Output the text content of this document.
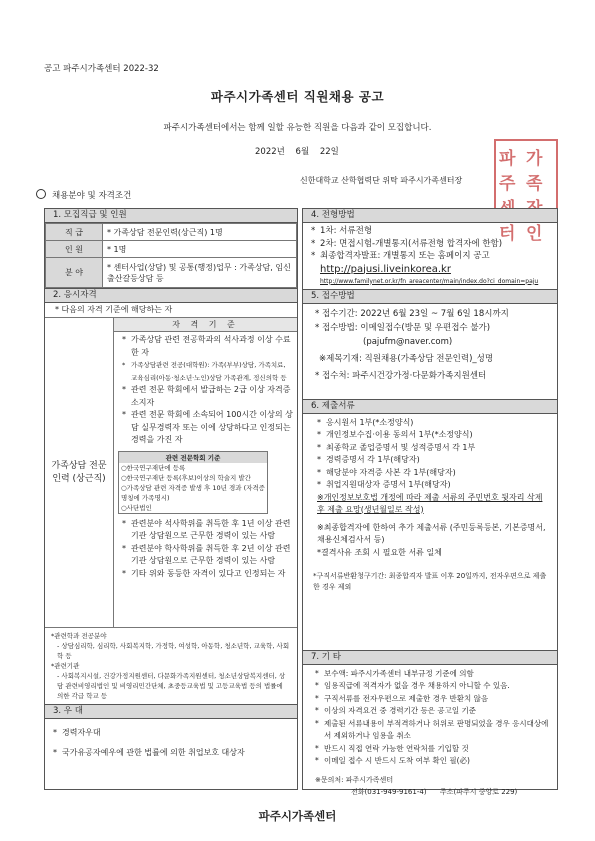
공고 파주시가족센터 2022-32
파주시가족센터 직원채용 공고
파주시가족센터에서는 함께 일할 유능한 직원을 다음과 같이 모집합니다.
2022년 6월 22일
신한대학교 산학협력단 위탁 파주시가족센터장
파주
가족
터 인
채용분야 및 자격조건
1. 모집직급 및 인원
직 급	* 가족상담 전문인력(상근직) 1명
인 원	* 1명
분 야	* 센터사업(상담) 및 공통(행정)업무 : 가족상담, 임신출산갈등상담 등
2. 응시자격
* 다음의 자격 기준에 해당하는 자
가족상담 전문인력 (상근직)
자 격 기 준
* 가족상담 관련 전공학과의 석사과정 이상 수료한 자
* 가족상담관련 전공(대학원): 가족(부부)상담, 가족치료, 교육심리(아동·청소년·노인)상담 가족관계, 정신의학 등
* 관련 전문 학회에서 발급하는 2급 이상 자격증 소지자
* 관련 전문 학회에 소속되어 100시간 이상의 상담 실무경력자 또는 이에 상당하다고 인정되는 경력을 가진 자
관련 전문학회 기준
○한국연구재단에 등록
○한국연구재단 등록(후보)이상의 학술지 발간
○가족상담 관련 자격증 발생 후 10년 경과 (자격증 명칭에 가족명시)
○사단법인
* 관련분야 석사학위를 취득한 후 1년 이상 관련기관 상담원으로 근무한 경력이 있는 사람
* 관련분야 학사학위를 취득한 후 2년 이상 관련기관 상담원으로 근무한 경력이 있는 사람
* 기타 위와 동등한 자격이 있다고 인정되는 자
*관련학과 전공분야
- 상담심리학, 심리학, 사회복지학, 가정학, 여성학, 아동학, 청소년학, 교육학, 사회학 등
*관련기관
- 사회복지시설, 건강가정지원센터, 다문화가족지원센터, 청소년상담복지센터, 상담 관련비영리법인 및 비영리민간단체, 초중등교육법 및 고등교육법 등의 법률에 의한 각급 학교 등
3. 우 대
* 경력자우대
* 국가유공자예우에 관한 법률에 의한 취업보호 대상자
4. 전형방법
* 1차: 서류전형
* 2차: 면접시험-개별통지(서류전형 합격자에 한함)
* 최종합격자발표: 개별통지 또는 홈페이지 공고
http://pajusi.liveinkorea.kr
http://www.familynet.or.kr/fn_areacenter/main/index.do?ci_domain=paju
5. 접수방법
* 접수기간: 2022년 6월 23일 ~ 7월 6일 18시까지
* 접수방법: 이메일접수(방문 및 우편접수 불가)
(pajufm@naver.com)
※제목기재: 직원채용(가족상담 전문인력)_성명
* 접수처: 파주시건강가정·다문화가족지원센터
6. 제출서류
* 응시원서 1부(*소정양식)
* 개인정보수집·이용 동의서 1부(*소정양식)
* 최종학교 졸업증명서 및 성적증명서 각 1부
* 경력증명서 각 1부(해당자)
* 해당분야 자격증 사본 각 1부(해당자)
* 취업지원대상자 증명서 1부(해당자)
※개인정보보호법 개정에 따라 제출 서류의 주민번호 뒷자리 삭제 후 제출 요망(생년월일로 작성)
※최종합격자에 한하여 추가 제출서류 (주민등록등본, 기본증명서, 채용신체검사서 등)
*결격사유 조회 시 필요한 서류 일체
*구직서류반환청구기간: 최종합격자 발표 이후 20일까지, 전자우편으로 제출한 경우 제외
7. 기 타
* 보수액: 파주시가족센터 내부규정 기준에 의함
* 임용직급에 적격자가 없을 경우 채용하지 아니할 수 있음.
* 구직서류를 전자우편으로 제출한 경우 반환치 않음
* 이상의 자격요건 중 경력기간 등은 공고일 기준
* 제출된 서류내용이 부적격하거나 허위로 판명되었을 경우 응시대상에서 제외하거나 임용을 취소
* 반드시 직접 연락 가능한 연락처를 기입할 것
* 이메일 접수 시 반드시 도착 여부 확인 필(必)
※문의처: 파주시가족센터
전화(031-949-9161-4) 주소(파주시 중앙로 229)
파주시가족센터
